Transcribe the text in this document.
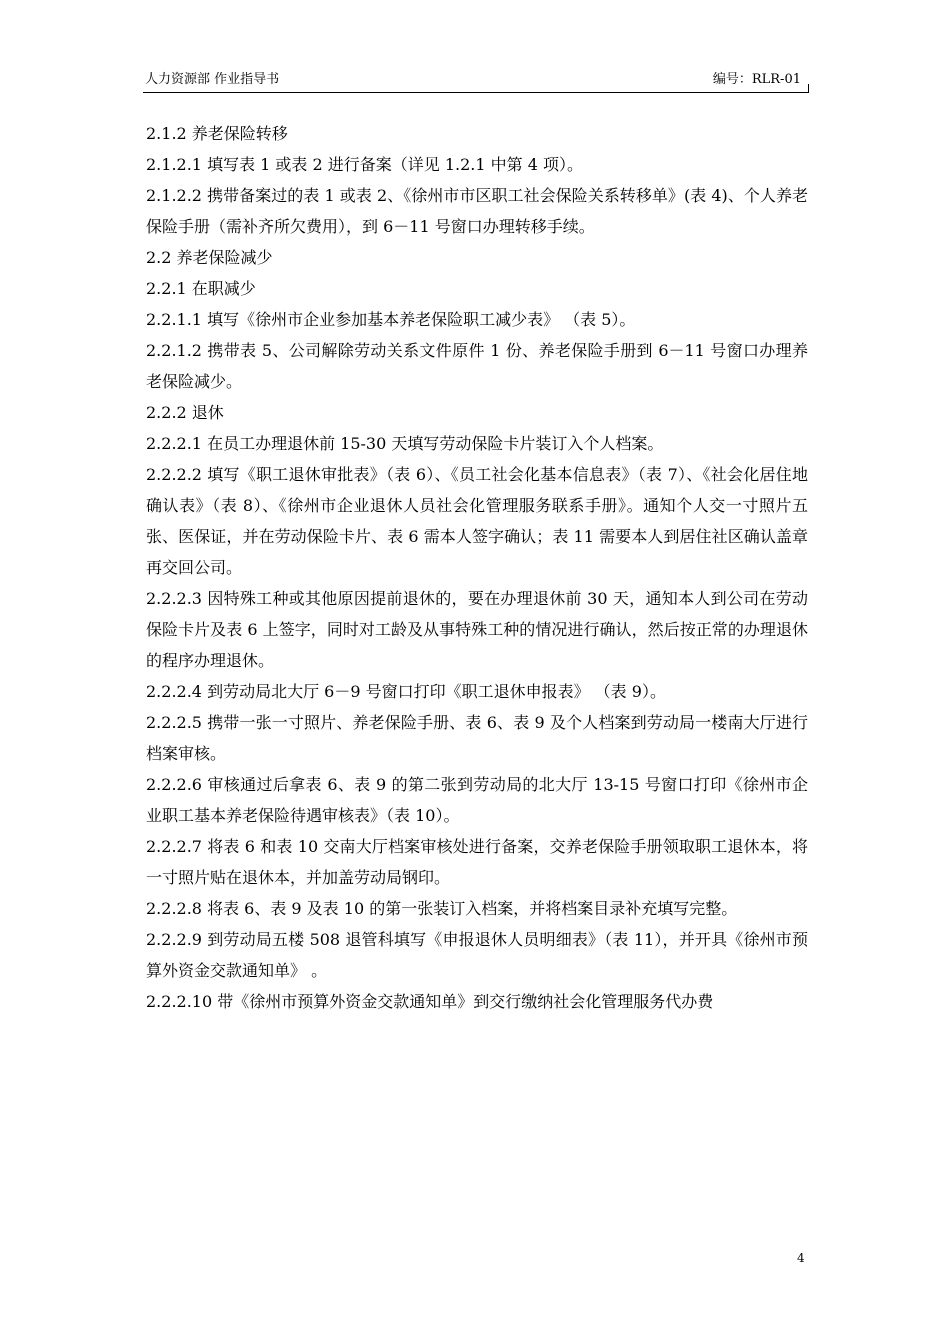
人力资源部 作业指导书	编号：RLR-01

2.1.2 养老保险转移

2.1.2.1 填写表 1 或表 2 进行备案（详见 1.2.1 中第 4 项）。

2.1.2.2 携带备案过的表 1 或表 2、《徐州市市区职工社会保险关系转移单》(表 4)、个人养老保险手册（需补齐所欠费用），到 6－11 号窗口办理转移手续。

2.2 养老保险减少

2.2.1 在职减少

2.2.1.1 填写《徐州市企业参加基本养老保险职工减少表》 （表 5）。

2.2.1.2 携带表 5、公司解除劳动关系文件原件 1 份、养老保险手册到 6－11 号窗口办理养老保险减少。

2.2.2 退休

2.2.2.1 在员工办理退休前 15-30 天填写劳动保险卡片装订入个人档案。

2.2.2.2 填写《职工退休审批表》（表 6）、《员工社会化基本信息表》（表 7）、《社会化居住地确认表》（表 8）、《徐州市企业退休人员社会化管理服务联系手册》。通知个人交一寸照片五张、医保证，并在劳动保险卡片、表 6 需本人签字确认；表 11 需要本人到居住社区确认盖章再交回公司。

2.2.2.3 因特殊工种或其他原因提前退休的，要在办理退休前 30 天，通知本人到公司在劳动保险卡片及表 6 上签字，同时对工龄及从事特殊工种的情况进行确认，然后按正常的办理退休的程序办理退休。

2.2.2.4 到劳动局北大厅 6－9 号窗口打印《职工退休申报表》 （表 9）。

2.2.2.5 携带一张一寸照片、养老保险手册、表 6、表 9 及个人档案到劳动局一楼南大厅进行档案审核。

2.2.2.6 审核通过后拿表 6、表 9 的第二张到劳动局的北大厅 13-15 号窗口打印《徐州市企业职工基本养老保险待遇审核表》（表 10）。

2.2.2.7 将表 6 和表 10 交南大厅档案审核处进行备案，交养老保险手册领取职工退休本，将一寸照片贴在退休本，并加盖劳动局钢印。

2.2.2.8 将表 6、表 9 及表 10 的第一张装订入档案，并将档案目录补充填写完整。

2.2.2.9 到劳动局五楼 508 退管科填写《申报退休人员明细表》（表 11），并开具《徐州市预算外资金交款通知单》 。

2.2.2.10 带《徐州市预算外资金交款通知单》到交行缴纳社会化管理服务代办费

4
